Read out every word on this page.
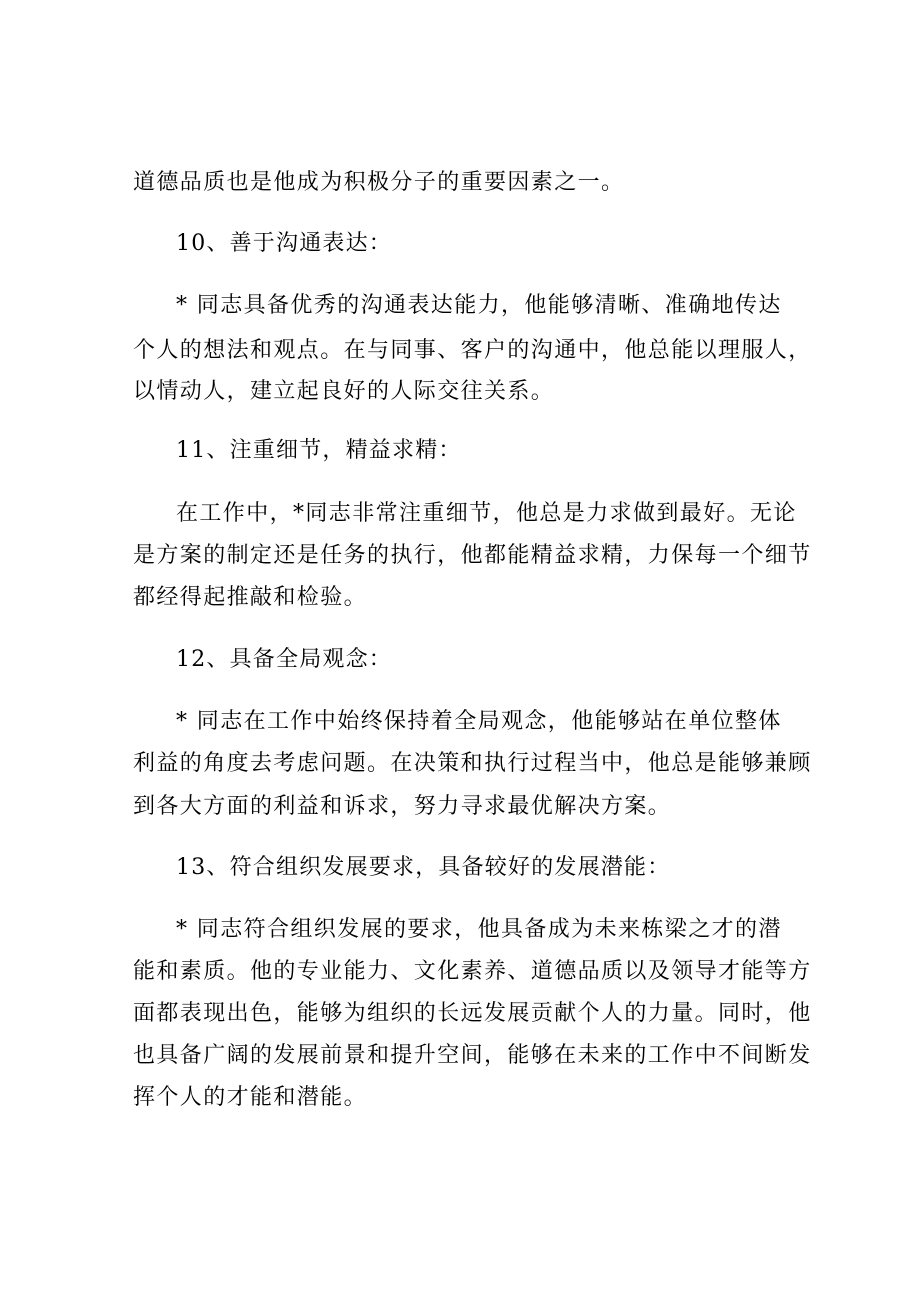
道德品质也是他成为积极分子的重要因素之一。
10、善于沟通表达：
* 同志具备优秀的沟通表达能力，他能够清晰、准确地传达
个人的想法和观点。在与同事、客户的沟通中，他总能以理服人，
以情动人，建立起良好的人际交往关系。
11、注重细节，精益求精：
在工作中，*同志非常注重细节，他总是力求做到最好。无论
是方案的制定还是任务的执行，他都能精益求精，力保每一个细节
都经得起推敲和检验。
12、具备全局观念：
* 同志在工作中始终保持着全局观念，他能够站在单位整体
利益的角度去考虑问题。在决策和执行过程当中，他总是能够兼顾
到各大方面的利益和诉求，努力寻求最优解决方案。
13、符合组织发展要求，具备较好的发展潜能：
* 同志符合组织发展的要求，他具备成为未来栋梁之才的潜
能和素质。他的专业能力、文化素养、道德品质以及领导才能等方
面都表现出色，能够为组织的长远发展贡献个人的力量。同时，他
也具备广阔的发展前景和提升空间，能够在未来的工作中不间断发
挥个人的才能和潜能。
